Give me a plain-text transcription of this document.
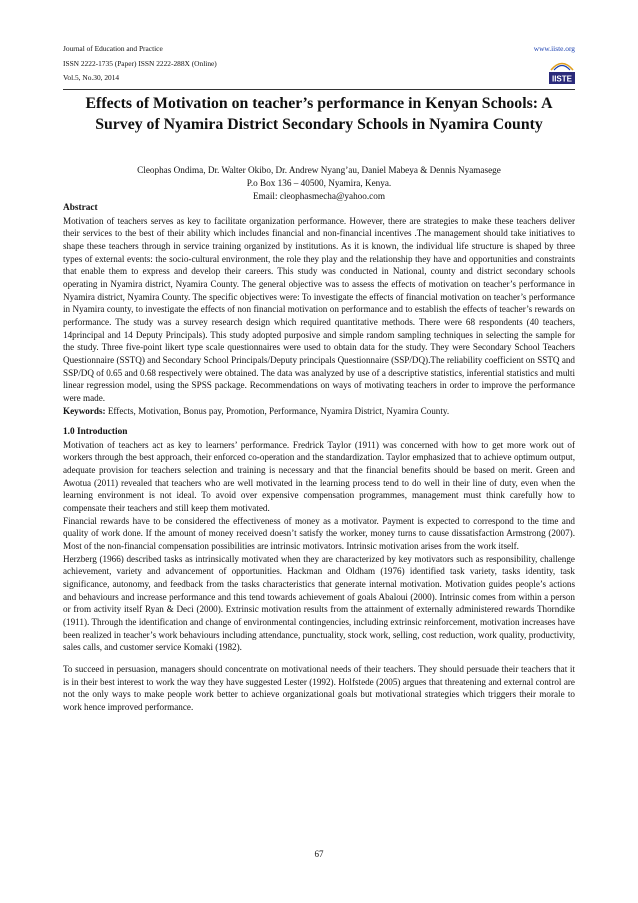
Journal of Education and Practice
ISSN 2222-1735 (Paper) ISSN 2222-288X (Online)
Vol.5, No.30, 2014
www.iiste.org
IISTE
Effects of Motivation on teacher’s performance in Kenyan Schools: A Survey of Nyamira District Secondary Schools in Nyamira County
Cleophas Ondima, Dr. Walter Okibo, Dr. Andrew Nyang’au, Daniel Mabeya & Dennis Nyamasege
P.o Box 136 – 40500, Nyamira, Kenya.
Email: cleophasmecha@yahoo.com
Abstract

Motivation of teachers serves as key to facilitate organization performance. However, there are strategies to make these teachers deliver their services to the best of their ability which includes financial and non-financial incentives .The management should take initiatives to shape these teachers through in service training organized by institutions. As it is known, the individual life structure is shaped by three types of external events: the socio-cultural environment, the role they play and the relationship they have and opportunities and constraints that enable them to express and develop their careers. This study was conducted in National, county and district secondary schools operating in Nyamira district, Nyamira County. The general objective was to assess the effects of motivation on teacher’s performance in Nyamira district, Nyamira County. The specific objectives were: To investigate the effects of financial motivation on teacher’s performance in Nyamira county, to investigate the effects of non financial motivation on performance and to establish the effects of teacher’s rewards on performance. The study was a survey research design which required quantitative methods. There were 68 respondents (40 teachers, 14principal and 14 Deputy Principals). This study adopted purposive and simple random sampling techniques in selecting the sample for the study. Three five-point likert type scale questionnaires were used to obtain data for the study. They were Secondary School Teachers Questionnaire (SSTQ) and Secondary School Principals/Deputy principals Questionnaire (SSP/DQ).The reliability coefficient on SSTQ and SSP/DQ of 0.65 and 0.68 respectively were obtained. The data was analyzed by use of a descriptive statistics, inferential statistics and multi linear regression model, using the SPSS package. Recommendations on ways of motivating teachers in order to improve the performance were made.

Keywords: Effects, Motivation, Bonus pay, Promotion, Performance, Nyamira District, Nyamira County.

1.0 Introduction

Motivation of teachers act as key to learners’ performance. Fredrick Taylor (1911) was concerned with how to get more work out of workers through the best approach, their enforced co-operation and the standardization. Taylor emphasized that to achieve optimum output, adequate provision for teachers selection and training is necessary and that the financial benefits should be based on merit. Green and Awotua (2011) revealed that teachers who are well motivated in the learning process tend to do well in their line of duty, even when the learning environment is not ideal. To avoid over expensive compensation programmes, management must think carefully how to compensate their teachers and still keep them motivated.

Financial rewards have to be considered the effectiveness of money as a motivator. Payment is expected to correspond to the time and quality of work done. If the amount of money received doesn’t satisfy the worker, money turns to cause dissatisfaction Armstrong (2007). Most of the non-financial compensation possibilities are intrinsic motivators. Intrinsic motivation arises from the work itself.

Herzberg (1966) described tasks as intrinsically motivated when they are characterized by key motivators such as responsibility, challenge achievement, variety and advancement of opportunities. Hackman and Oldham (1976) identified task variety, tasks identity, task significance, autonomy, and feedback from the tasks characteristics that generate internal motivation. Motivation guides people’s actions and behaviours and increase performance and this tend towards achievement of goals Abaloui (2000). Intrinsic comes from within a person or from activity itself Ryan & Deci (2000). Extrinsic motivation results from the attainment of externally administered rewards Thorndike (1911). Through the identification and change of environmental contingencies, including extrinsic reinforcement, motivation increases have been realized in teacher’s work behaviours including attendance, punctuality, stock work, selling, cost reduction, work quality, productivity, sales calls, and customer service Komaki (1982).

To succeed in persuasion, managers should concentrate on motivational needs of their teachers. They should persuade their teachers that it is in their best interest to work the way they have suggested Lester (1992). Holfstede (2005) argues that threatening and external control are not the only ways to make people work better to achieve organizational goals but motivational strategies which triggers their morale to work hence improved performance.

67
